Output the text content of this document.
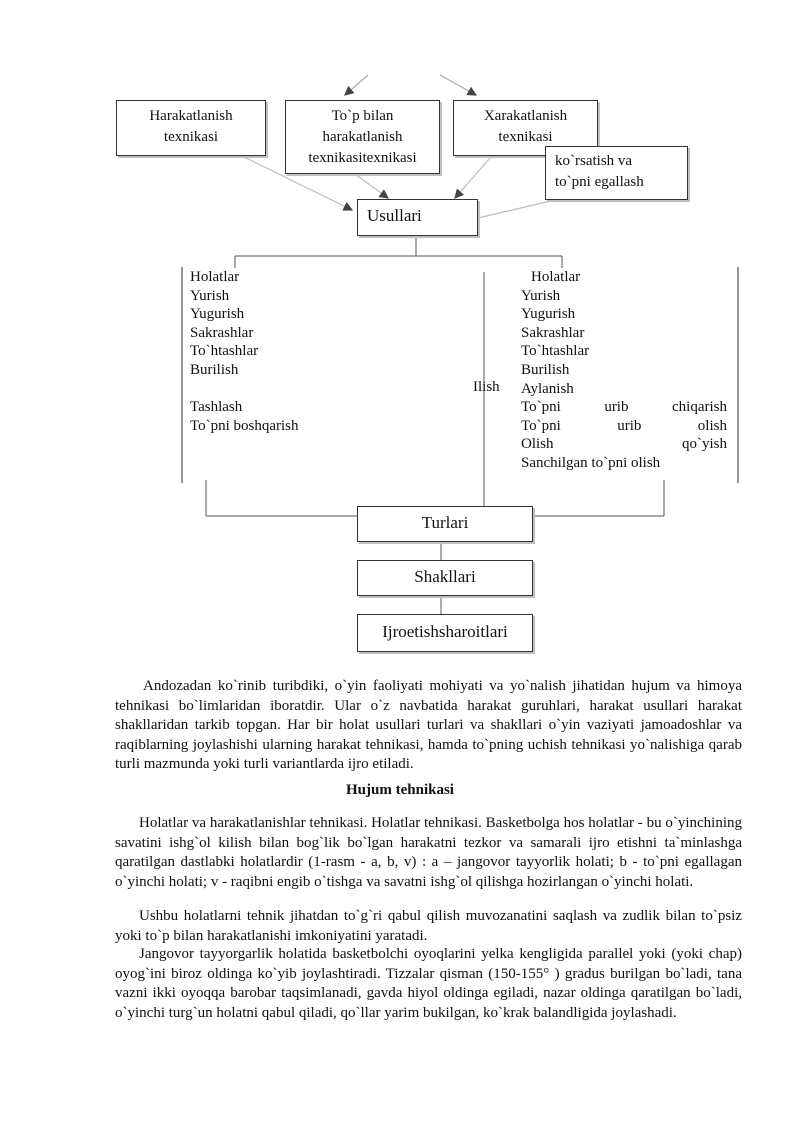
Harakatlanish
texnikasi
To`p bilan
harakatlanish
texnikasitexnikasi
Xarakatlanish
texnikasi
ko`rsatish va
to`pni egallash
Usullari
Holatlar
Yurish
Yugurish
Sakrashlar
To`htashlar
Burilish
Tashlash
To`pni boshqarish
Ilish
Holatlar
Yurish
Yugurish
Sakrashlar
To`htashlar
Burilish
Aylanish
To`pni	urib	chiqarish
To`pni	urib	olish
Olish	qo`yish
Sanchilgan to`pni olish
Turlari
Shakllari
Ijroetishsharoitlari
Andozadan ko`rinib turibdiki, o`yin faoliyati mohiyati va yo`nalish jihatidan hujum va himoya tehnikasi bo`limlaridan iboratdir. Ular o`z navbatida harakat guruhlari, harakat usullari harakat shakllaridan tarkib topgan. Har bir holat usullari turlari va shakllari o`yin vaziyati jamoadoshlar va raqiblarning joylashishi ularning harakat tehnikasi, hamda to`pning uchish tehnikasi yo`nalishiga qarab turli mazmunda yoki turli variantlarda ijro etiladi.
Hujum tehnikasi
Holatlar va harakatlanishlar tehnikasi. Holatlar tehnikasi. Basketbolga hos holatlar - bu o`yinchining savatini ishg`ol kilish bilan bog`lik bo`lgan harakatni tezkor va samarali ijro etishni ta`minlashga qaratilgan dastlabki holatlardir (1-rasm - a, b, v) : a – jangovor tayyorlik holati; b - to`pni egallagan o`yinchi holati; v - raqibni engib o`tishga va savatni ishg`ol qilishga hozirlangan o`yinchi holati.
Ushbu holatlarni tehnik jihatdan to`g`ri qabul qilish muvozanatini saqlash va zudlik bilan to`psiz yoki to`p bilan harakatlanishi imkoniyatini yaratadi.
Jangovor tayyorgarlik holatida basketbolchi oyoqlarini yelka kengligida parallel yoki (yoki chap) oyog`ini biroz oldinga ko`yib joylashtiradi. Tizzalar qisman (150-155° ) gradus burilgan bo`ladi, tana vazni ikki oyoqqa barobar taqsimlanadi, gavda hiyol oldinga egiladi, nazar oldinga qaratilgan bo`ladi, o`yinchi turg`un holatni qabul qiladi, qo`llar yarim bukilgan, ko`krak balandligida joylashadi.
